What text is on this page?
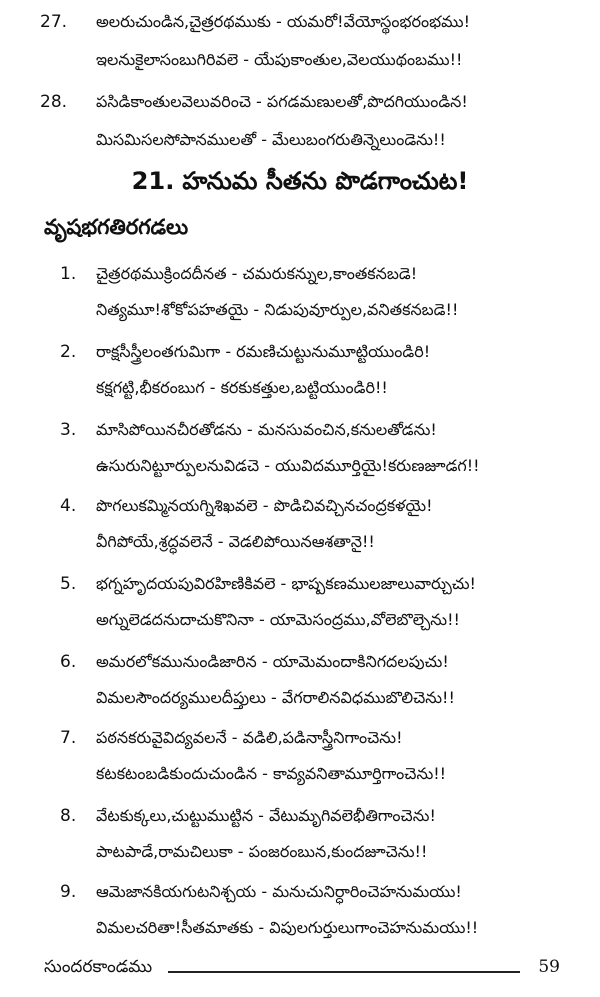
27. అలరుచుండిన,చైత్రరథముకు - యమరో!వేయోస్థంభరంభము!
ఇలనుకైలాసంబుగిరివలె - యేపుకాంతుల,వెలయుథంబము!!
28. పసిడికాంతులవెలువరించె - పగడమణులతో,పొదగియుండిన!
మిసమిసలసోపానములతో - మేలుబంగరుతిన్నెలుండెను!!
21. హనుమ సీతను పొడగాంచుట!
వృషభగతిరగడలు
1. చైత్రరథముక్రిందదీనత - చమరుకన్నుల,కాంతకనబడె!
నిత్యమూ!శోకోపహతయై - నిడుపువూర్పుల,వనితకనబడె!!
2. రాక్షసీస్త్రీలంతగుమిగా - రమణిచుట్టునుమూట్టియుండిరి!
కక్షగట్టి,భీకరంబుగ - కరకుకత్తుల,బట్టియుండిరి!!
3. మాసిపోయినచీరతోడను - మనసువంచిన,కనులతోడను!
ఉసురునిట్టూర్పులనువిడచె - యువిదమూర్తియై!కరుణజూడగ!!
4. పొగలుకమ్మినయగ్నిశిఖవలె - పొడిచివచ్చినచంద్రకళయై!
వీగిపోయే,శ్రద్ధవలెనే - వెడలిపోయినఆశతానై!!
5. భగ్నహృదయపువిరహిణికివలె - భాష్పకణములజాలువార్చుచు!
అగ్నులెడదనుదాచుకొనినా - యామెసంద్రము,వోలెబొల్చెను!!
6. అమరలోకమునుండిజారిన - యామెమందాకినిగదలపుచు!
విమలసౌందర్యములదీప్తులు - వేగరాలినవిధముబొలిచెను!!
7. పఠనకరువైవిద్యవలనే - వడిలి,పడినాస్త్రీనిగాంచెను!
కటకటంబడికుందుచుండిన - కావ్యవనితామూర్తిగాంచెను!!
8. వేటకుక్కలు,చుట్టుముట్టిన - వేటుమృగివలెభీతిగాంచెను!
పాటపాడే,రామచిలుకా - పంజరంబున,కుందజూచెను!!
9. ఆమెజానకియగుటనిశ్చయ - మనుచునిర్ధారించెహనుమయు!
విమలచరితా!సీతమాతకు - విపులగుర్తులుగాంచెహనుమయు!!
సుందరకాండము	59
